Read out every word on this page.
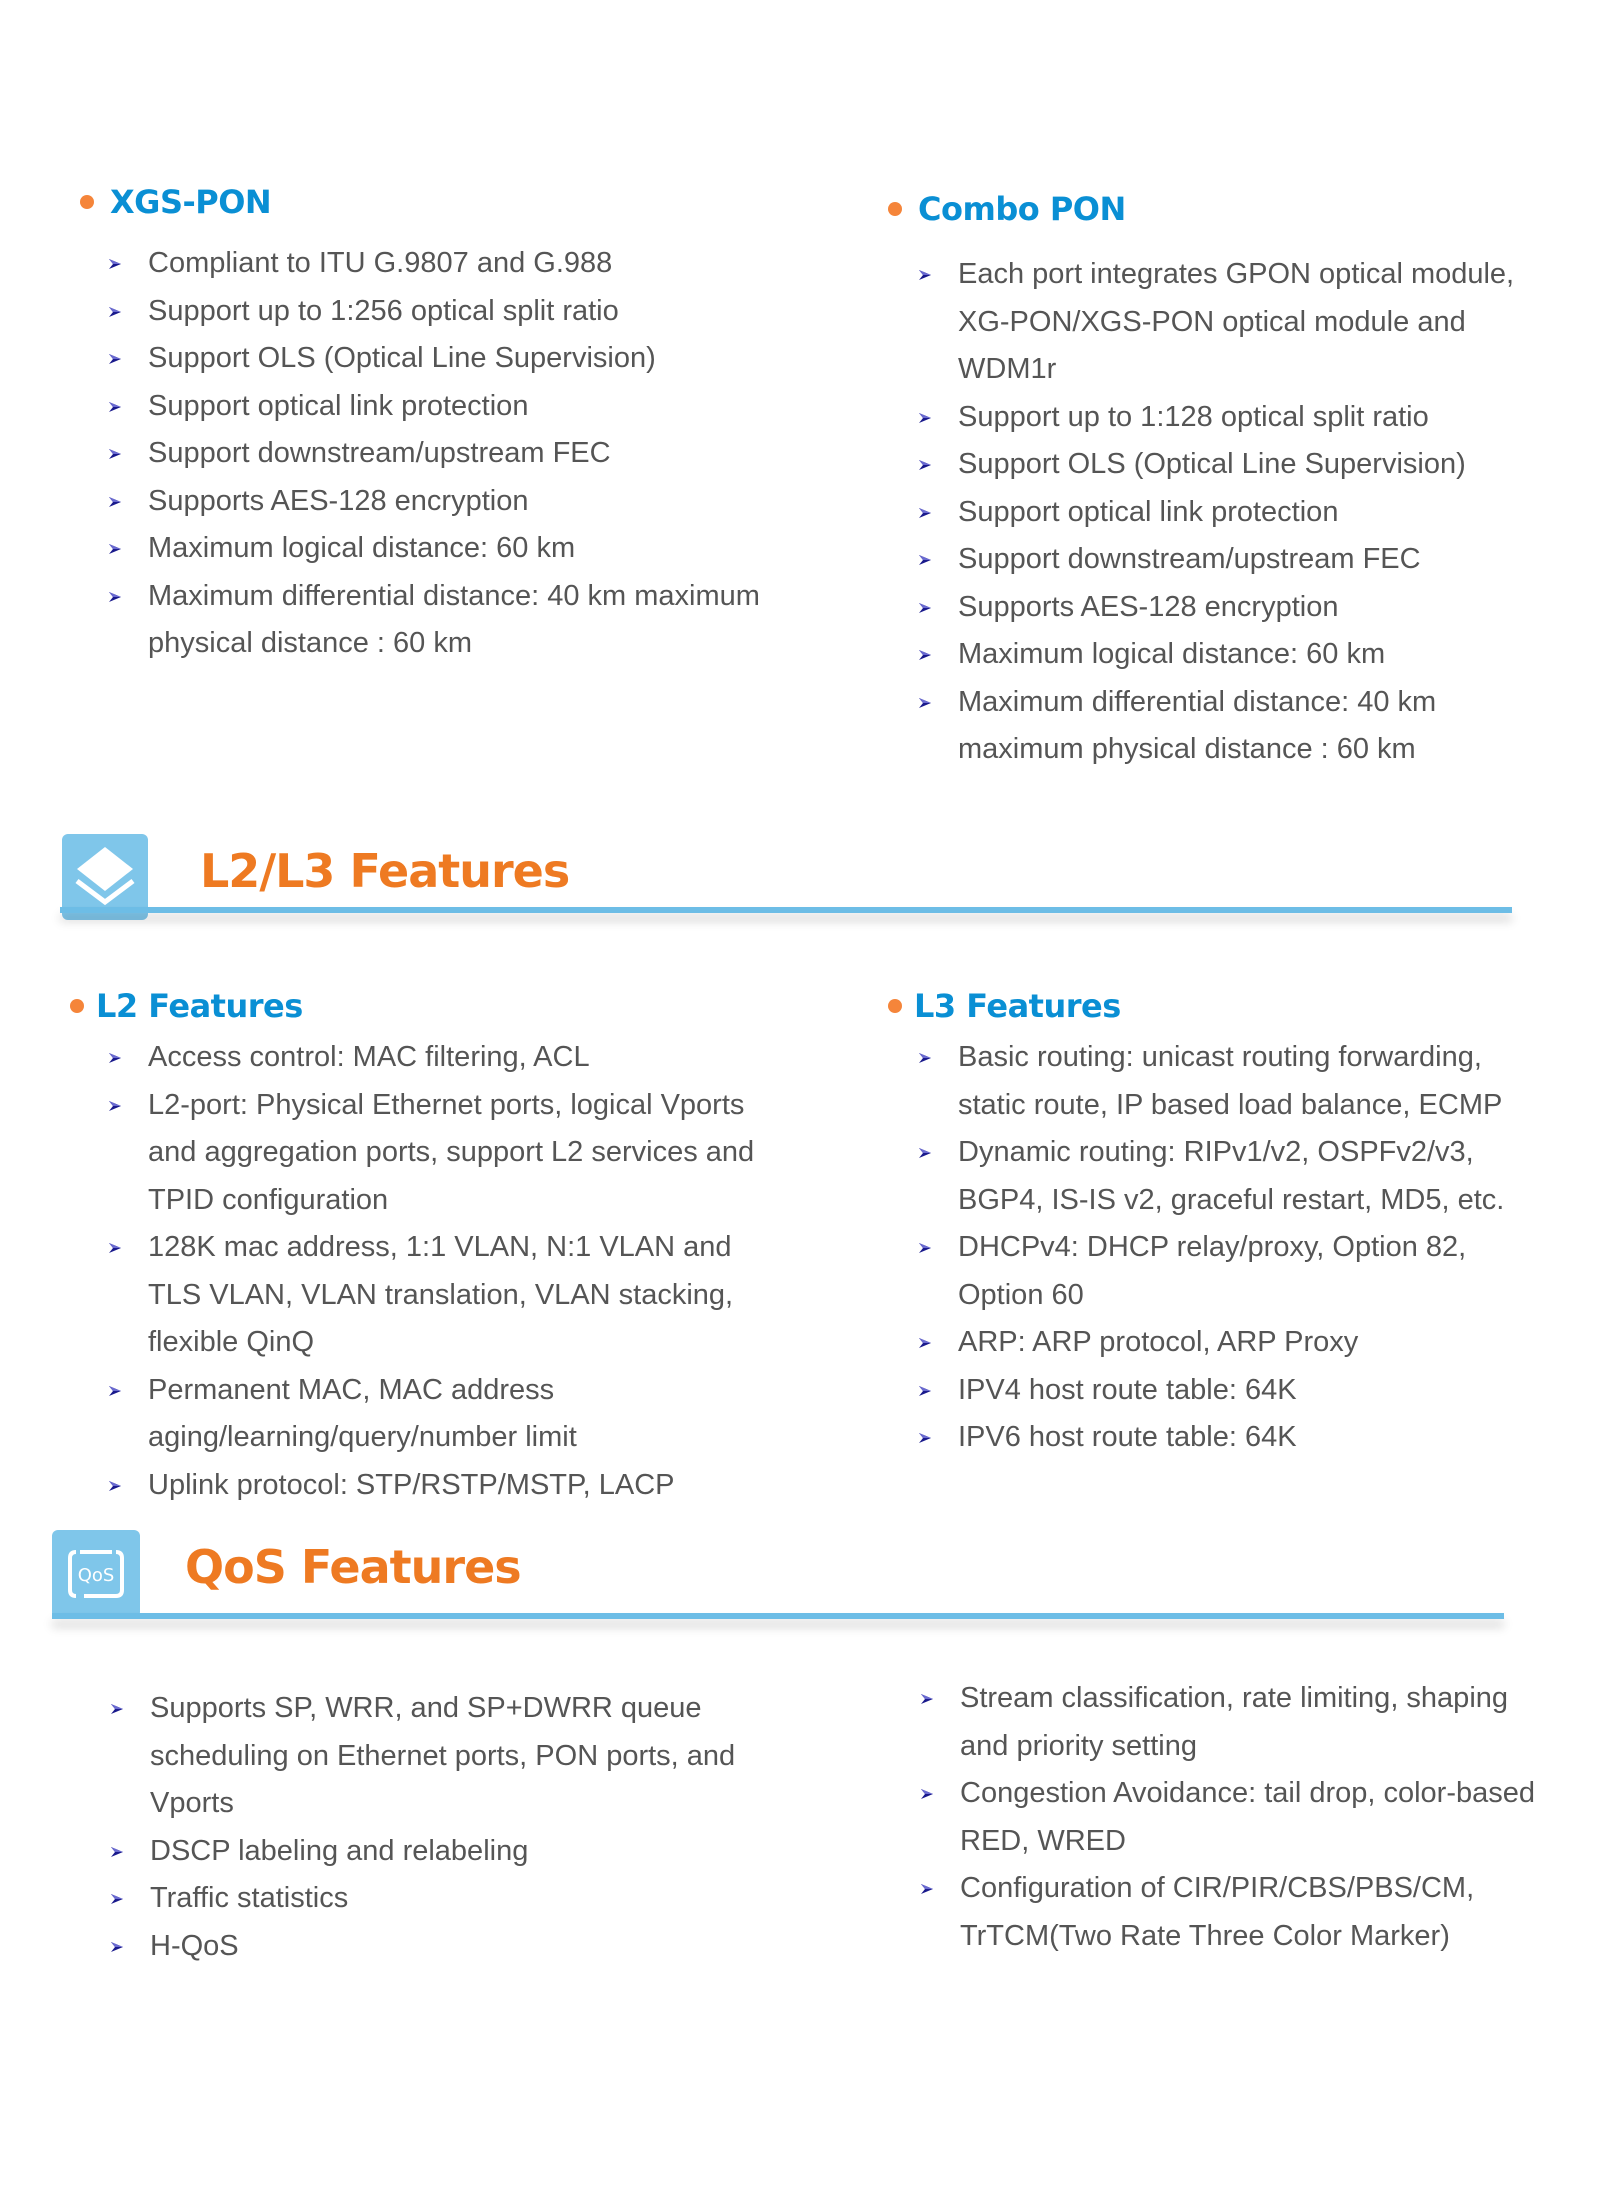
XGS-PON
Compliant to ITU G.9807 and G.988
Support up to 1:256 optical split ratio
Support OLS (Optical Line Supervision)
Support optical link protection
Support downstream/upstream FEC
Supports AES-128 encryption
Maximum logical distance: 60 km
Maximum differential distance: 40 km maximum physical distance : 60 km
Combo PON
Each port integrates GPON optical module, XG-PON/XGS-PON optical module and WDM1r
Support up to 1:128 optical split ratio
Support OLS (Optical Line Supervision)
Support optical link protection
Support downstream/upstream FEC
Supports AES-128 encryption
Maximum logical distance: 60 km
Maximum differential distance: 40 km maximum physical distance : 60 km
L2/L3 Features
L2 Features
Access control: MAC filtering, ACL
L2-port: Physical Ethernet ports, logical Vports and aggregation ports, support L2 services and TPID configuration
128K mac address, 1:1 VLAN, N:1 VLAN and TLS VLAN, VLAN translation, VLAN stacking, flexible QinQ
Permanent MAC, MAC address aging/learning/query/number limit
Uplink protocol: STP/RSTP/MSTP, LACP
L3 Features
Basic routing: unicast routing forwarding, static route, IP based load balance, ECMP
Dynamic routing: RIPv1/v2, OSPFv2/v3, BGP4, IS-IS v2, graceful restart, MD5, etc.
DHCPv4: DHCP relay/proxy, Option 82, Option 60
ARP: ARP protocol, ARP Proxy
IPV4 host route table: 64K
IPV6 host route table: 64K
QoS QoS Features
Supports SP, WRR, and SP+DWRR queue scheduling on Ethernet ports, PON ports, and Vports
DSCP labeling and relabeling
Traffic statistics
H-QoS
Stream classification, rate limiting, shaping and priority setting
Congestion Avoidance: tail drop, color-based RED, WRED
Configuration of CIR/PIR/CBS/PBS/CM, TrTCM(Two Rate Three Color Marker)
